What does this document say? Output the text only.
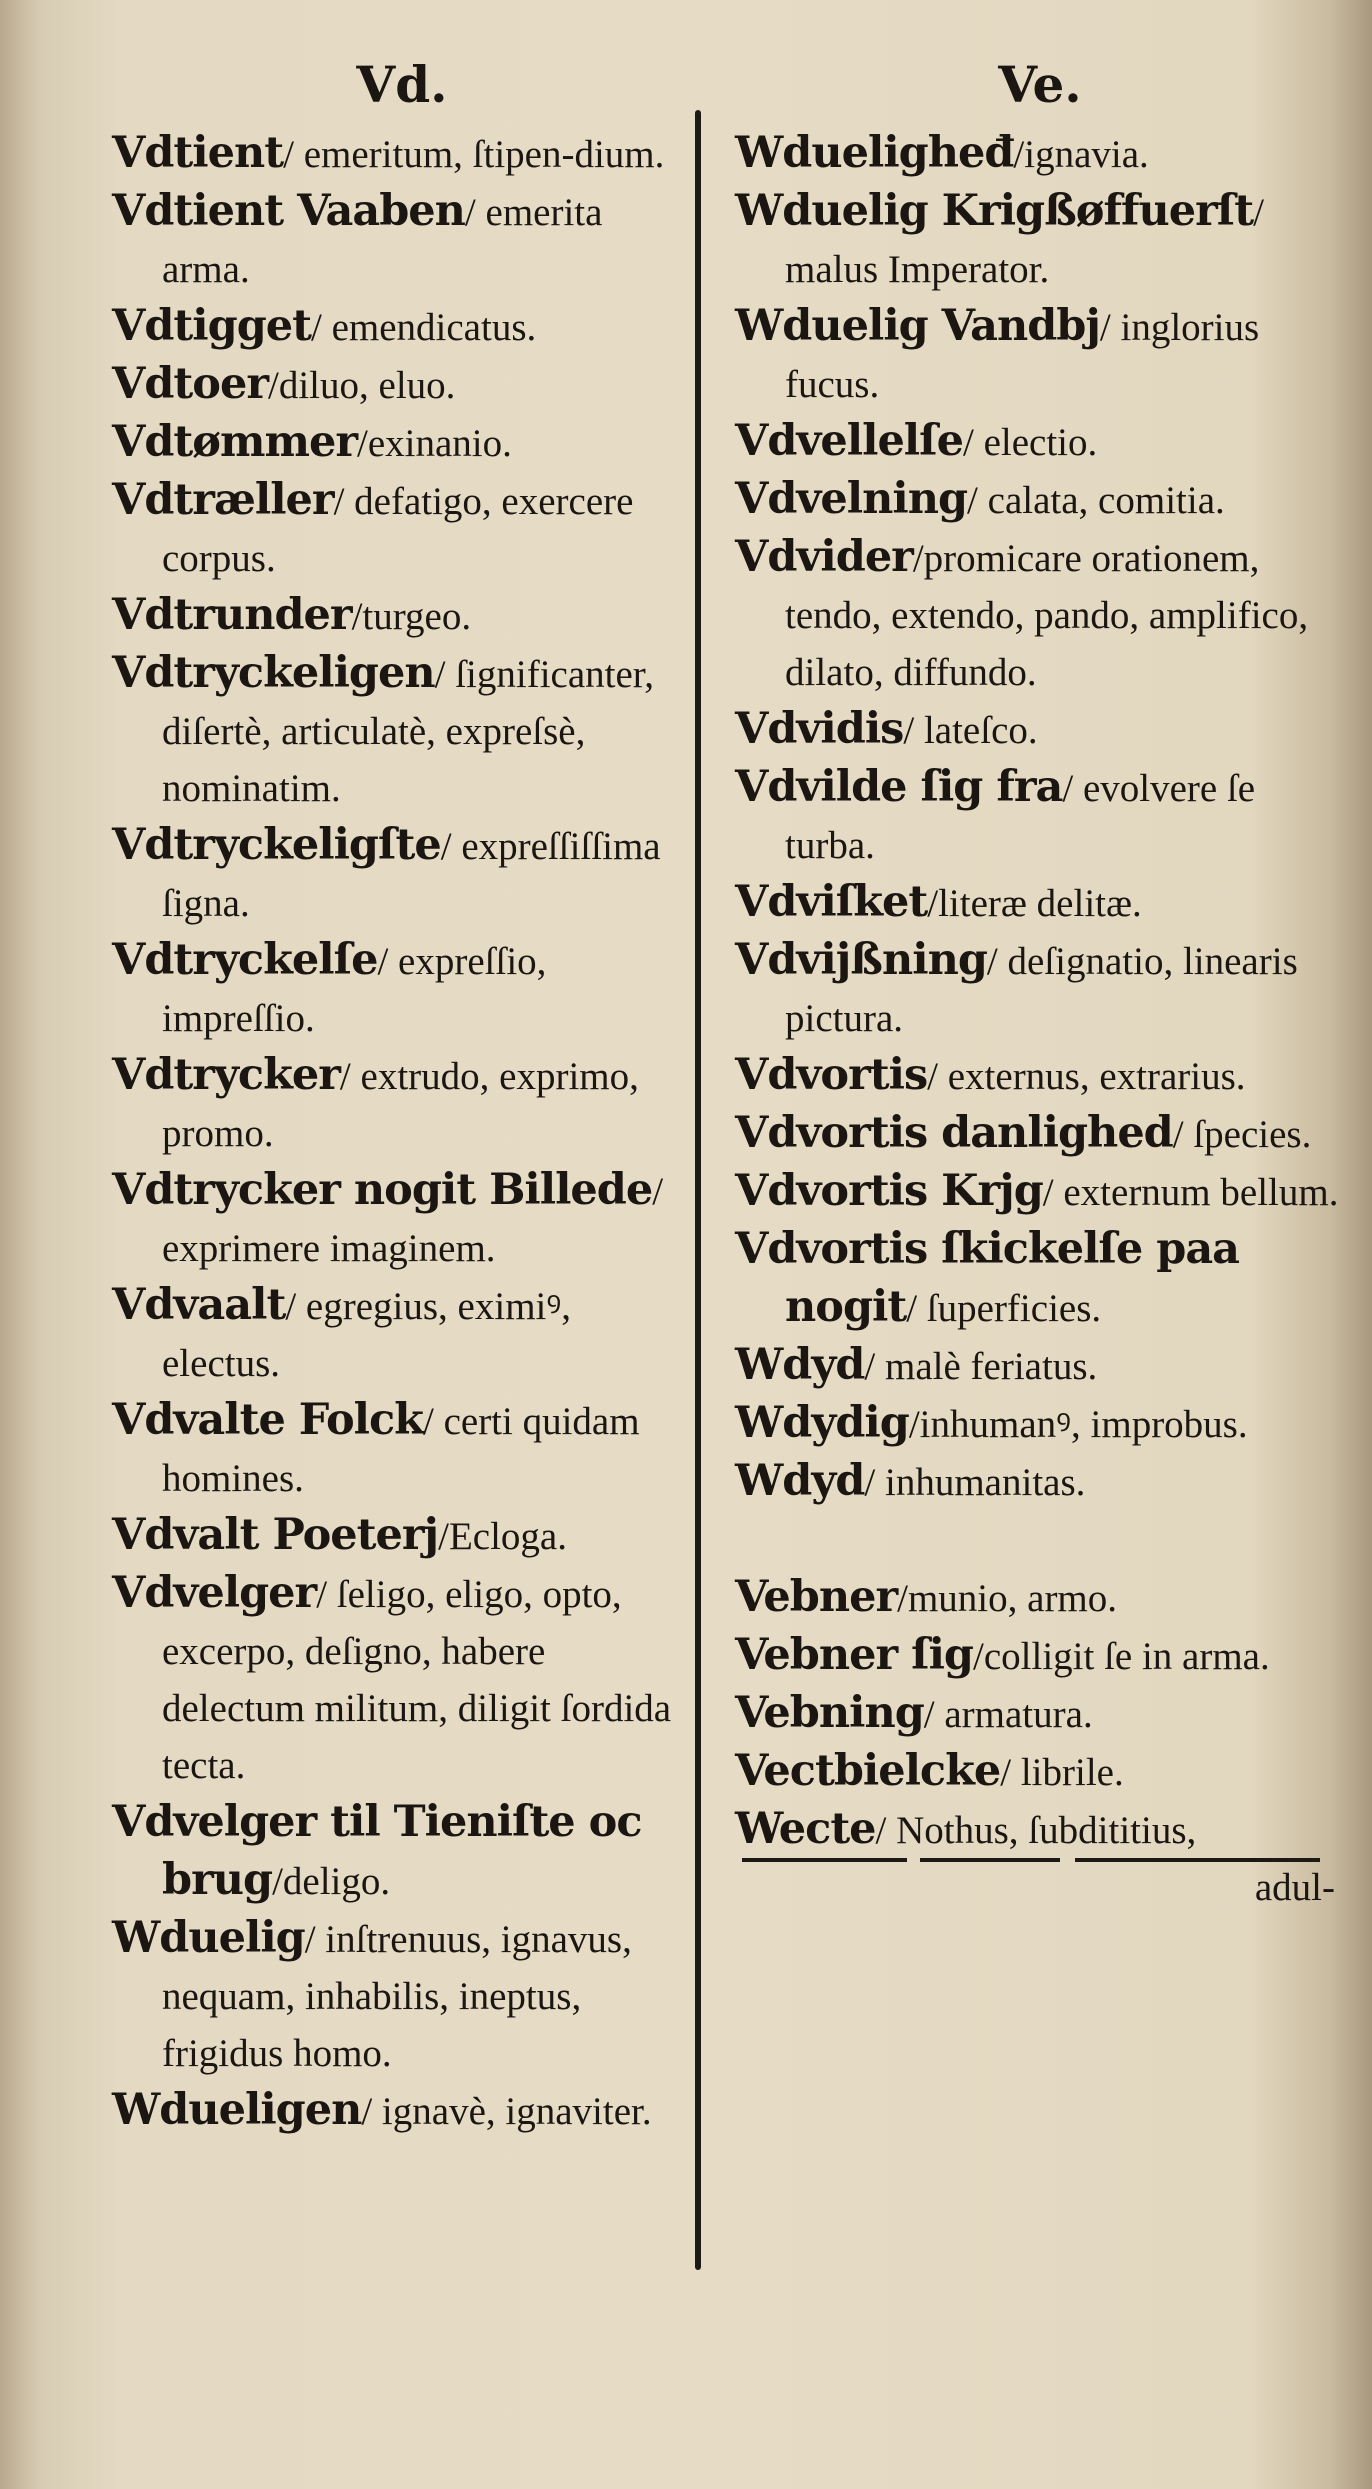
Vd.

Vdtient/ emeritum, ſtipen-dium.

Vdtient Vaaben/ emerita arma.

Vdtigget/ emendicatus.

Vdtoer/diluo, eluo.

Vdtømmer/exinanio.

Vdtræller/ defatigo, exercere corpus.

Vdtrunder/turgeo.

Vdtryckeligen/ ſignificanter, diſertè, articulatè, expreſsè, nominatim.

Vdtryckeligſte/ expreſſiſſima ſigna.

Vdtryckelſe/ expreſſio, impreſſio.

Vdtrycker/ extrudo, exprimo, promo.

Vdtrycker nogit Billede/ exprimere imaginem.

Vdvaalt/ egregius, eximiꝰ, electus.

Vdvalte Folck/ certi quidam homines.

Vdvalt Poeterj/Ecloga.

Vdvelger/ ſeligo, eligo, opto, excerpo, deſigno, habere delectum militum, diligit ſordida tecta.

Vdvelger til Tieniſte oc brug/deligo.

Wduelig/ inſtrenuus, ignavus, nequam, inhabilis, ineptus, frigidus homo.

Wdueligen/ ignavè, ignaviter.

Ve.

Wdueligheđ/ignavia.

Wduelig Krigßøffuerſt/ malus Imperator.

Wduelig Vandbj/ inglorius fucus.

Vdvellelſe/ electio.

Vdvelning/ calata, comitia.

Vdvider/promicare orationem, tendo, extendo, pando, amplifico, dilato, diffundo.

Vdvidis/ lateſco.

Vdvilde ſig fra/ evolvere ſe turba.

Vdviſket/literæ delitæ.

Vdvijßning/ deſignatio, linearis pictura.

Vdvortis/ externus, extrarius.

Vdvortis danlighed/ ſpecies.

Vdvortis Krjg/ externum bellum.

Vdvortis ſkickelſe paa nogit/ ſuperficies.

Wdyd/ malè feriatus.

Wdydig/inhumanꝰ, improbus.

Wdyd/ inhumanitas.

Vebner/munio, armo.

Vebner ſig/colligit ſe in arma.

Vebning/ armatura.

Vectbielcke/ librile.

Wecte/ Nothus, ſubdititius,

adul-
